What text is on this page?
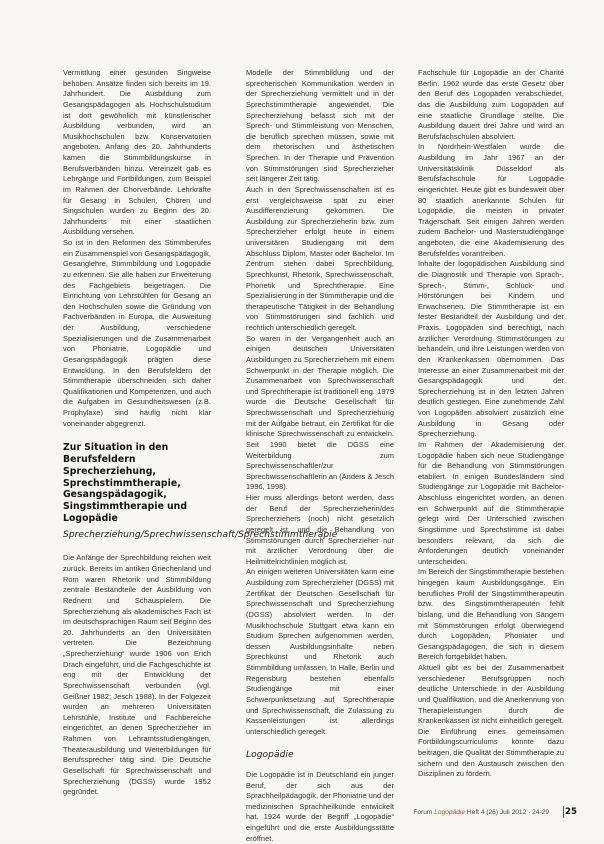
Vermittlung einer gesunden Singweise behoben. Ansätze finden sich bereits im 19. Jahrhundert. Die Ausbildung zum Gesangspädagogen als Hochschulstudium ist dort gewöhnlich mit künstlerischer Ausbildung verbunden, wird an Musikhochschulen bzw. Konservatorien angeboten. Anfang des 20. Jahrhunderts kamen die Stimmbildungskurse in Berufsverbänden hinzu. Vereinzelt gab es Lehrgänge und Fortbildungen, zum Beispiel im Rahmen der Chorverbände. Lehrkräfte für Gesang in Schulen, Chören und Singschulen wurden zu Beginn des 20. Jahrhunderts mit einer staatlichen Ausbildung versehen.

So ist in den Reformen des Stimmberufes ein Zusammenspiel von Gesangspädagogik, Gesanglehre, Stimmbildung und Logopädie zu erkennen. Sie alle haben zur Erweiterung des Fachgebiets beigetragen. Die Einrichtung von Lehrstühlen für Gesang an den Hochschulen sowie die Gründung von Fachverbänden in Europa, die Ausweitung der Ausbildung, verschiedene Spezialisierungen und die Zusammenarbeit von Phoniatrie, Logopädie und Gesangspädagogik prägten diese Entwicklung. In den Berufsfeldern der Stimmtherapie überschneiden sich daher Qualifikationen und Kompetenzen, und auch die Aufgaben im Gesundheitswesen (z.B. Prophylaxe) sind häufig nicht klar voneinander abgegrenzt.

Zur Situation in den Berufsfeldern Sprecherziehung, Sprechstimmtherapie, Gesangspädagogik, Singstimmtherapie und Logopädie
Sprecherziehung/Sprechwissenschaft/Sprechstimmtherapie

Die Anfänge der Sprechbildung reichen weit zurück. Bereits im antiken Griechenland und Rom waren Rhetorik und Stimmbildung zentrale Bestandteile der Ausbildung von Rednern und Schauspielern. Die Sprecherziehung als akademisches Fach ist im deutschsprachigen Raum seit Beginn des 20. Jahrhunderts an den Universitäten vertreten. Die Bezeichnung „Sprecherziehung“ wurde 1906 von Erich Drach eingeführt, und die Fachgeschichte ist eng mit der Entwicklung der Sprechwissenschaft verbunden (vgl. Geißner 1982; Jesch 1988). In der Folgezeit wurden an mehreren Universitäten Lehrstühle, Institute und Fachbereiche eingerichtet, an denen Sprecherzieher im Rahmen von Lehramtsstudiengängen, Theaterausbildung und Weiterbildungen für Berufssprecher tätig sind. Die Deutsche Gesellschaft für Sprechwissenschaft und Sprecherziehung (DGSS) wurde 1952 gegründet.

Modelle der Stimmbildung und der sprecherischen Kommunikation werden in der Sprecherziehung vermittelt und in der Sprechstimmtherapie angewendet. Die Sprecherziehung befasst sich mit der Sprech- und Stimmleistung von Menschen, die beruflich sprechen müssen, sowie mit dem rhetorischen und ästhetischen Sprechen. In der Therapie und Prävention von Stimmstörungen sind Sprecherzieher seit längerer Zeit tätig.

Auch in den Sprechwissenschaften ist es erst vergleichsweise spät zu einer Ausdifferenzierung gekommen. Die Ausbildung zur Sprecherzieherin bzw. zum Sprecherzieher erfolgt heute in einem universitären Studiengang mit dem Abschluss Diplom, Master oder Bachelor. Im Zentrum stehen dabei Sprechbildung, Sprechkunst, Rhetorik, Sprechwissenschaft, Phonetik und Sprechtherapie. Eine Spezialisierung in der Stimmtherapie und die therapeutische Tätigkeit in der Behandlung von Stimmstörungen sind fachlich und rechtlich unterschiedlich geregelt.

So waren in der Vergangenheit auch an einigen deutschen Universitäten Ausbildungen zu Sprecherziehern mit einem Schwerpunkt in der Therapie möglich. Die Zusammenarbeit von Sprechwissenschaft und Sprechtherapie ist traditionell eng. 1979 wurde die Deutsche Gesellschaft für Sprechwissenschaft und Sprecherziehung mit der Aufgabe betraut, ein Zertifikat für die klinische Sprechwissenschaft zu entwickeln. Seit 1990 bietet die DGSS eine Weiterbildung zum Sprechwissenschaftler/zur Sprechwissenschaftlerin an (Anders & Jesch 1996, 1998).

Hier muss allerdings betont werden, dass der Beruf der Sprecherzieherin/des Sprecherziehers (noch) nicht gesetzlich geregelt ist, und die Behandlung von Stimmstörungen durch Sprecherzieher nur mit ärztlicher Verordnung über die Heilmittelrichtlinien möglich ist.

An einigen weiteren Universitäten kann eine Ausbildung zum Sprecherzieher (DGSS) mit Zertifikat der Deutschen Gesellschaft für Sprechwissenschaft und Sprecherziehung (DGSS) absolviert werden. In der Musikhochschule Stuttgart etwa kann ein Studium Sprechen aufgenommen werden, dessen Ausbildungsinhalte neben Sprechkunst und Rhetorik auch Stimmbildung umfassen. In Halle, Berlin und Regensburg bestehen ebenfalls Studiengänge mit einer Schwerpunktsetzung auf Sprechtherapie und Sprechwissenschaft, die Zulassung zu Kassenleistungen ist allerdings unterschiedlich geregelt.

Logopädie

Die Logopädie ist in Deutschland ein junger Beruf, der sich aus der Sprachheilpädagogik, der Phoniatrie und der medizinischen Sprachheilkunde entwickelt hat. 1924 wurde der Begriff „Logopädie“ eingeführt und die erste Ausbildungsstätte eröffnet.

Fachschule für Logopädie an der Charité Berlin. 1962 wurde das erste Gesetz über den Beruf des Logopäden verabschiedet, das die Ausbildung zum Logopäden auf eine staatliche Grundlage stellte. Die Ausbildung dauert drei Jahre und wird an Berufsfachschulen absolviert.

In Nordrhein-Westfalen wurde die Ausbildung im Jahr 1967 an der Universitätsklinik Düsseldorf als Berufsfachschule für Logopädie eingerichtet. Heute gibt es bundesweit über 80 staatlich anerkannte Schulen für Logopädie, die meisten in privater Trägerschaft. Seit einigen Jahren werden zudem Bachelor- und Masterstudiengänge angeboten, die eine Akademisierung des Berufsfeldes vorantreiben.

Inhalte der logopädischen Ausbildung sind die Diagnostik und Therapie von Sprach-, Sprech-, Stimm-, Schluck- und Hörstörungen bei Kindern und Erwachsenen. Die Stimmtherapie ist ein fester Bestandteil der Ausbildung und der Praxis. Logopäden sind berechtigt, nach ärztlicher Verordnung Stimmstörungen zu behandeln, und ihre Leistungen werden von den Krankenkassen übernommen. Das Interesse an einer Zusammenarbeit mit der Gesangspädagogik und der Sprecherziehung ist in den letzten Jahren deutlich gestiegen. Eine zunehmende Zahl von Logopäden absolviert zusätzlich eine Ausbildung in Gesang oder Sprecherziehung.

Im Rahmen der Akademisierung der Logopädie haben sich neue Studiengänge für die Behandlung von Stimmstörungen etabliert. In einigen Bundesländern sind Studiengänge zur Logopädie mit Bachelor-Abschluss eingerichtet worden, an denen ein Schwerpunkt auf die Stimmtherapie gelegt wird. Der Unterschied zwischen Singstimme und Sprechstimme ist dabei besonders relevant, da sich die Anforderungen deutlich voneinander unterscheiden.

Im Bereich der Singstimmtherapie bestehen hingegen kaum Ausbildungsgänge. Ein berufliches Profil der Singstimmtherapeutin bzw. des Singstimmtherapeuten fehlt bislang, und die Behandlung von Sängern mit Stimmstörungen erfolgt überwiegend durch Logopäden, Phoniater und Gesangspädagogen, die sich in diesem Bereich fortgebildet haben.

Aktuell gibt es bei der Zusammenarbeit verschiedener Berufsgruppen noch deutliche Unterschiede in der Ausbildung und Qualifikation, und die Anerkennung von Therapieleistungen durch die Krankenkassen ist nicht einheitlich geregelt. Die Einführung eines gemeinsamen Fortbildungscurriculums könnte dazu beitragen, die Qualität der Stimmtherapie zu sichern und den Austausch zwischen den Disziplinen zu fördern.

Forum Logopädie Heft 4 (26) Juli 2012 · 24-29 25
